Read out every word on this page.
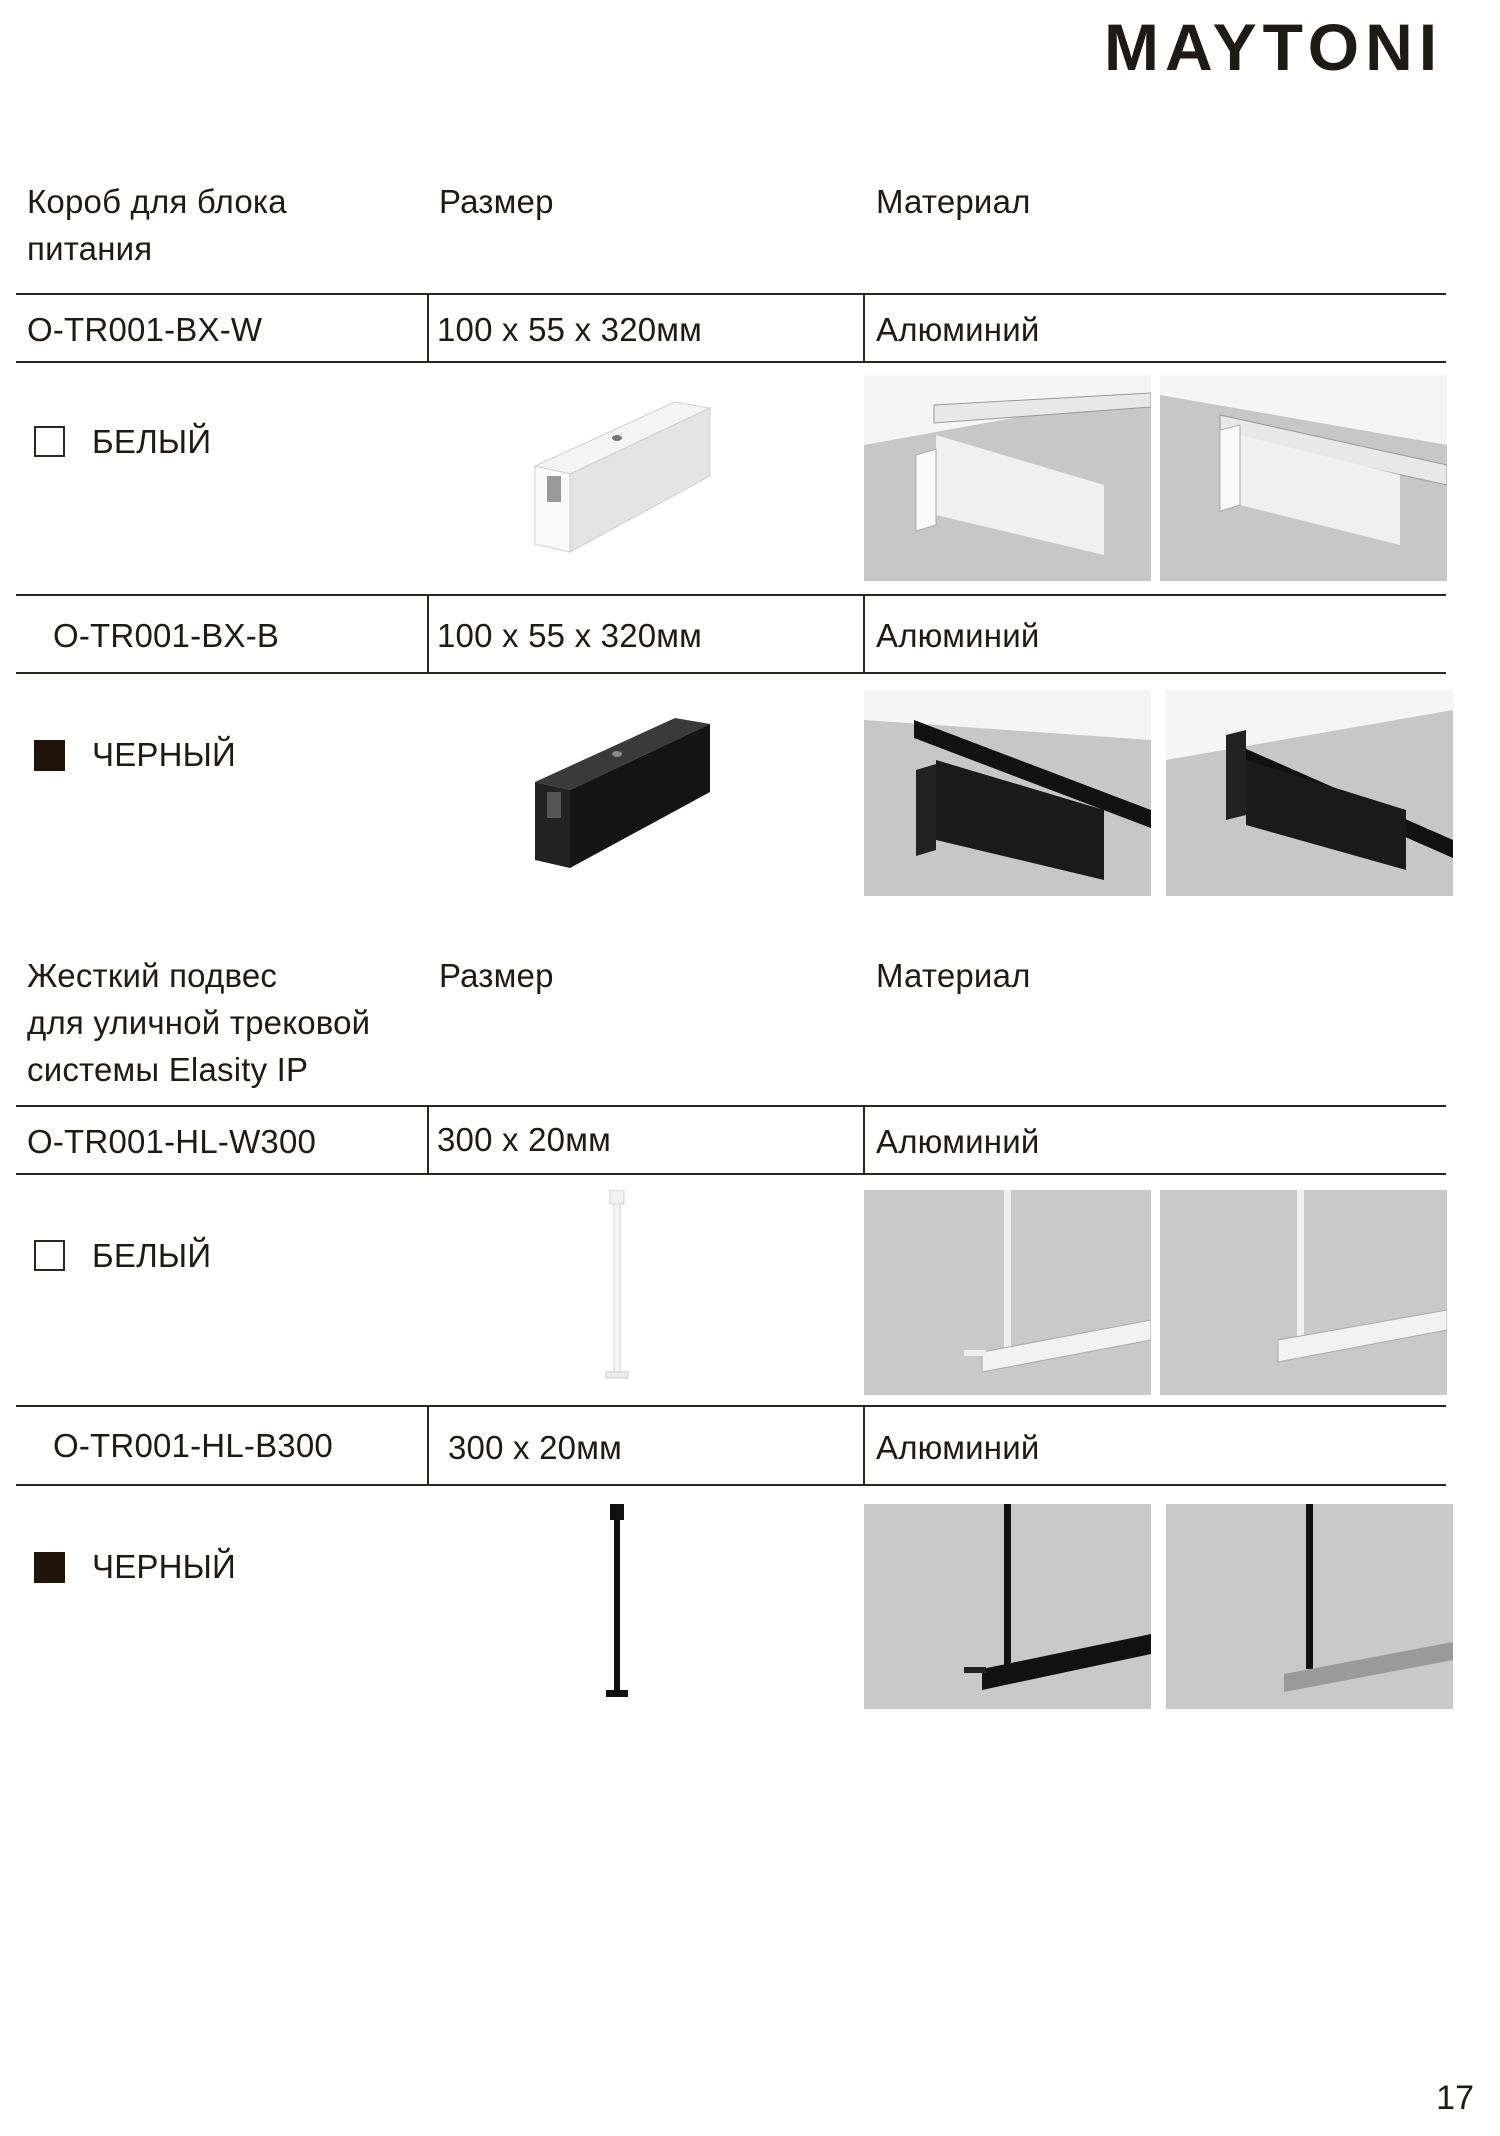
MAYTONI
Короб для блока
питания
Размер	Материал
O-TR001-BX-W	100 x 55 x 320мм	Алюминий
БЕЛЫЙ
O-TR001-BX-B	100 x 55 x 320мм	Алюминий
ЧЕРНЫЙ
Жесткий подвес
для уличной трековой
системы Elasity IP
Размер	Материал
O-TR001-HL-W300	300 x 20мм	Алюминий
БЕЛЫЙ
O-TR001-HL-B300	300 x 20мм	Алюминий
ЧЕРНЫЙ
17
